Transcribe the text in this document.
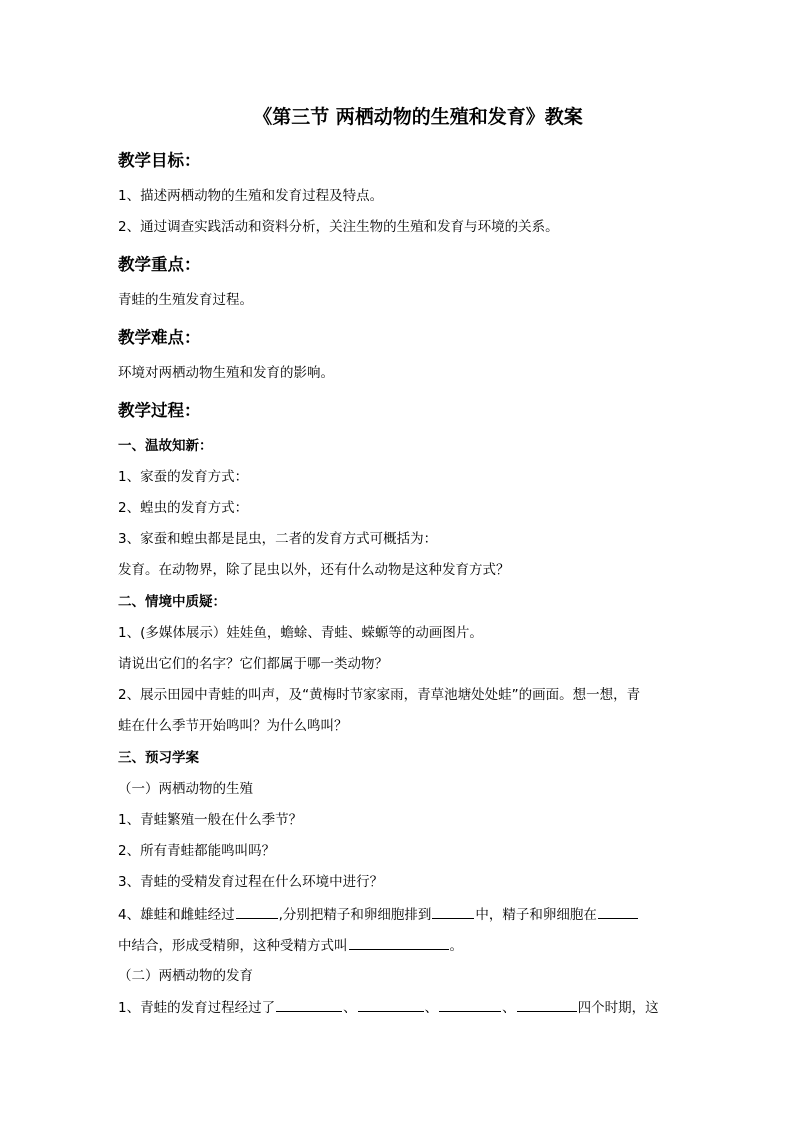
《第三节 两栖动物的生殖和发育》教案
教学目标：
1、描述两栖动物的生殖和发育过程及特点。
2、通过调查实践活动和资料分析，关注生物的生殖和发育与环境的关系。
教学重点：
青蛙的生殖发育过程。
教学难点：
环境对两栖动物生殖和发育的影响。
教学过程：
一、温故知新：
1、家蚕的发育方式：
2、蝗虫的发育方式：
3、家蚕和蝗虫都是昆虫，二者的发育方式可概括为：
发育。在动物界，除了昆虫以外，还有什么动物是这种发育方式？
二、情境中质疑：
1、(多媒体展示）娃娃鱼，蟾蜍、青蛙、蝾螈等的动画图片。
请说出它们的名字？它们都属于哪一类动物？
2、展示田园中青蛙的叫声，及“黄梅时节家家雨，青草池塘处处蛙”的画面。想一想，青
蛙在什么季节开始鸣叫？为什么鸣叫？
三、预习学案
（一）两栖动物的生殖
1、青蛙繁殖一般在什么季节？
2、所有青蛙都能鸣叫吗？
3、青蛙的受精发育过程在什么环境中进行？
4、雄蛙和雌蛙经过	,分别把精子和卵细胞排到	中，精子和卵细胞在
中结合，形成受精卵，这种受精方式叫	。
（二）两栖动物的发育
1、青蛙的发育过程经过了	、	、	、	四个时期，这
